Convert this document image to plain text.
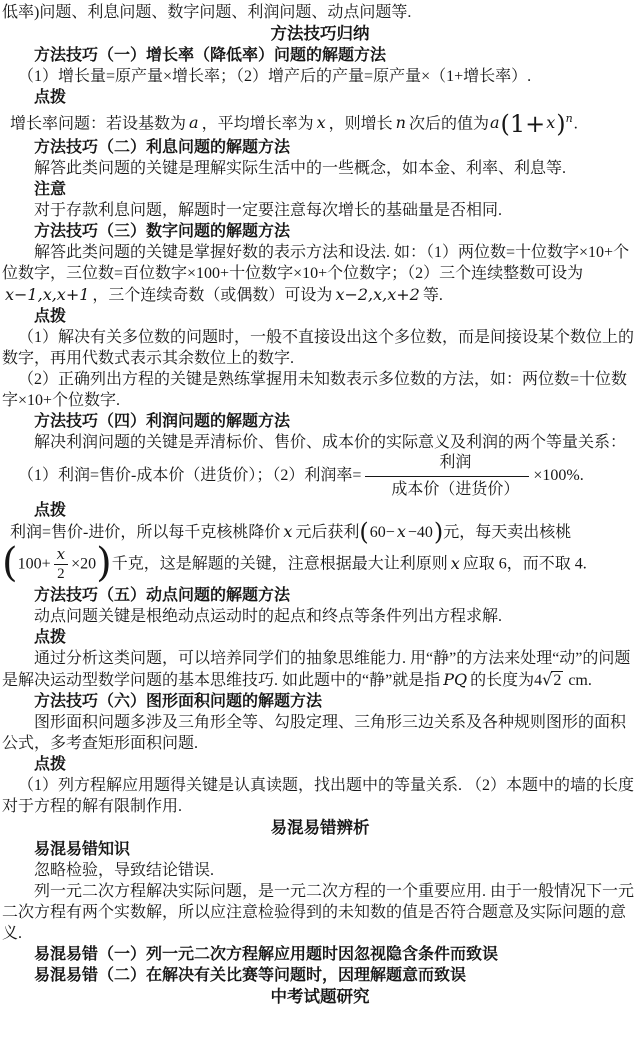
低率)问题、利息问题、数字问题、利润问题、动点问题等.

方法技巧归纳
方法技巧（一）增长率（降低率）问题的解题方法

（1）增长量=原产量×增长率；（2）增产后的产量=原产量×（1+增长率）.

点拨

增长率问题：若设基数为 a ，平均增长率为 x ，则增长 n 次后的值为$a(1+x)^n$.

方法技巧（二）利息问题的解题方法

解答此类问题的关键是理解实际生活中的一些概念，如本金、利率、利息等.

注意

对于存款利息问题，解题时一定要注意每次增长的基础量是否相同.

方法技巧（三）数字问题的解题方法

解答此类问题的关键是掌握好数的表示方法和设法. 如：（1）两位数=十位数字×10+个位数字，三位数=百位数字×100+十位数字×10+个位数字；（2）三个连续整数可设为x−1,x,x+1 ，三个连续奇数（或偶数）可设为 x−2,x,x+2 等.

点拨

（1）解决有关多位数的问题时，一般不直接设出这个多位数，而是间接设某个数位上的数字，再用代数式表示其余数位上的数字.

（2）正确列出方程的关键是熟练掌握用未知数表示多位数的方法，如：两位数=十位数字×10+个位数字.

方法技巧（四）利润问题的解题方法

解决利润问题的关键是弄清标价、售价、成本价的实际意义及利润的两个等量关系：

（1）利润=售价-成本价（进货价）；（2）利润率= $\frac{\text{利润}}{\text{成本价（进货价）}} \times 100\%$.

点拨

利润=售价-进价，所以每千克核桃降价 x 元后获利(60− x −40)元，每天卖出核桃

$(100+ \frac{x}{2} \times 20)$千克，这是解题的关键，注意根据最大让利原则 x 应取 6，而不取 4.

方法技巧（五）动点问题的解题方法

动点问题关键是根绝动点运动时的起点和终点等条件列出方程求解.

点拨

通过分析这类问题，可以培养同学们的抽象思维能力. 用“静”的方法来处理“动”的问题是解决运动型数学问题的基本思维技巧. 如此题中的“静”就是指 PQ 的长度为4√2 cm.

方法技巧（六）图形面积问题的解题方法

图形面积问题多涉及三角形全等、勾股定理、三角形三边关系及各种规则图形的面积公式，多考查矩形面积问题.

点拨

（1）列方程解应用题得关键是认真读题，找出题中的等量关系. （2）本题中的墙的长度对于方程的解有限制作用.

易混易错辨析
易混易错知识

忽略检验，导致结论错误.

列一元二次方程解决实际问题，是一元二次方程的一个重要应用. 由于一般情况下一元二次方程有两个实数解，所以应注意检验得到的未知数的值是否符合题意及实际问题的意义.

易混易错（一）列一元二次方程解应用题时因忽视隐含条件而致误
易混易错（二）在解决有关比赛等问题时，因理解题意而致误
中考试题研究
